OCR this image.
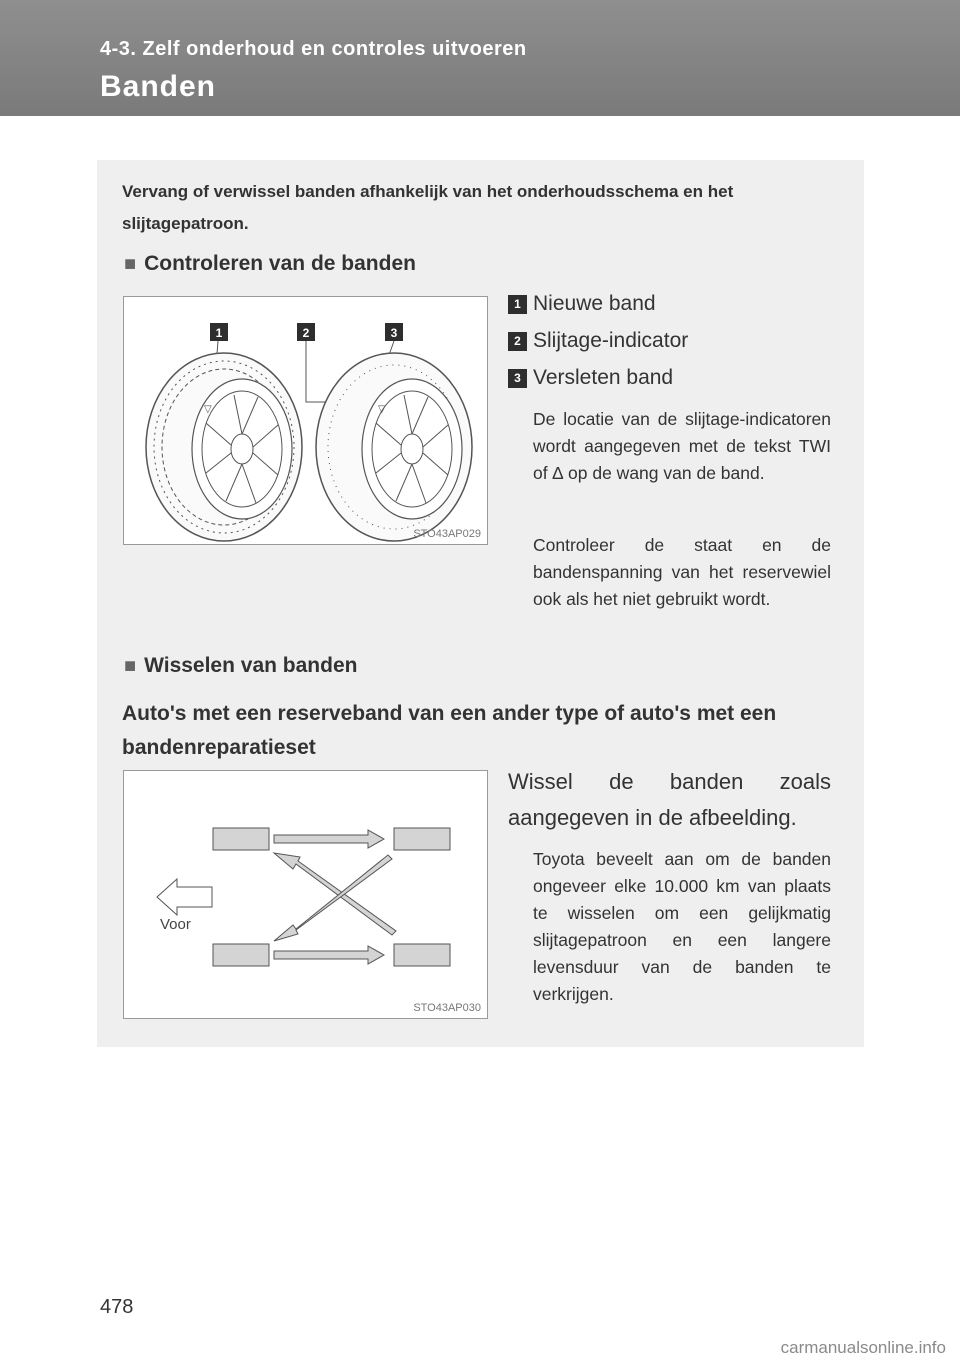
4-3. Zelf onderhoud en controles uitvoeren
Banden
Vervang of verwissel banden afhankelijk van het onderhoudsschema en het slijtagepatroon.
■ Controleren van de banden
1	2	3
▽	▽
STO43AP029
1 Nieuwe band
2 Slijtage-indicator
3 Versleten band
De locatie van de slijtage-indicatoren wordt aangegeven met de tekst TWI of ∆ op de wang van de band.
Controleer de staat en de bandenspanning van het reservewiel ook als het niet gebruikt wordt.
■ Wisselen van banden
Auto's met een reserveband van een ander type of auto's met een bandenreparatieset
Voor
STO43AP030
Wissel de banden zoals aangegeven in de afbeelding.
Toyota beveelt aan om de banden ongeveer elke 10.000 km van plaats te wisselen om een gelijkmatig slijtagepatroon en een langere levensduur van de banden te verkrijgen.
478
carmanualsonline.info
